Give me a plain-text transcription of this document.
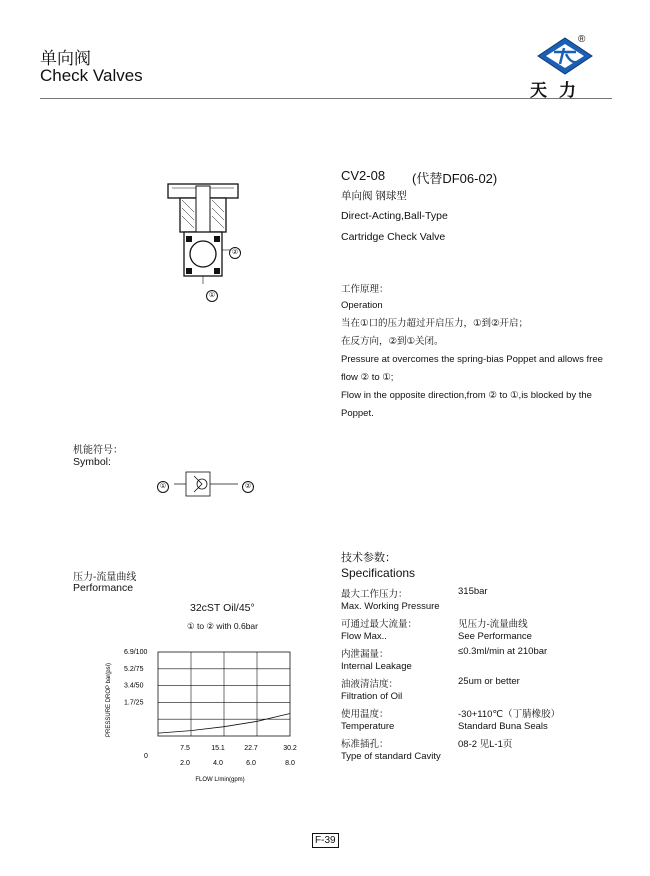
单向阀
Check Valves
®
天力
CV2-08 (代替DF06-02)
单向阀 钢球型
Direct-Acting,Ball-Type
Cartridge Check Valve
工作原理：
Operation
当在①口的压力超过开启压力，①到②开启；
在反方向，②到①关闭。
Pressure at overcomes the spring-bias Poppet and allows free
flow ② to ①;
Flow in the opposite direction,from ② to ①,is blocked by the
Poppet.
②
①
机能符号：
Symbol:
①	②
压力-流量曲线
Performance
32cST Oil/45°
① to ② with 0.6bar
6.9/100
5.2/75
3.4/50
1.7/25
7.5
2.0
15.1
4.0
22.7
6.0
30.2
8.0
0
FLOW L/min(gpm)
PRESSURE DROP bar(psi)
技术参数：
Specifications
最大工作压力：
Max. Working Pressure
315bar
可通过最大流量：
Flow Max..
见压力-流量曲线
See Performance
内泄漏量：
Internal Leakage
≤0.3ml/min at 210bar
油液清洁度：
Filtration of Oil
25um or better
使用温度：
Temperature
-30+110℃（丁腈橡胶）
Standard Buna Seals
标准插孔：
Type of standard Cavity
08-2 见L-1页
F-39
